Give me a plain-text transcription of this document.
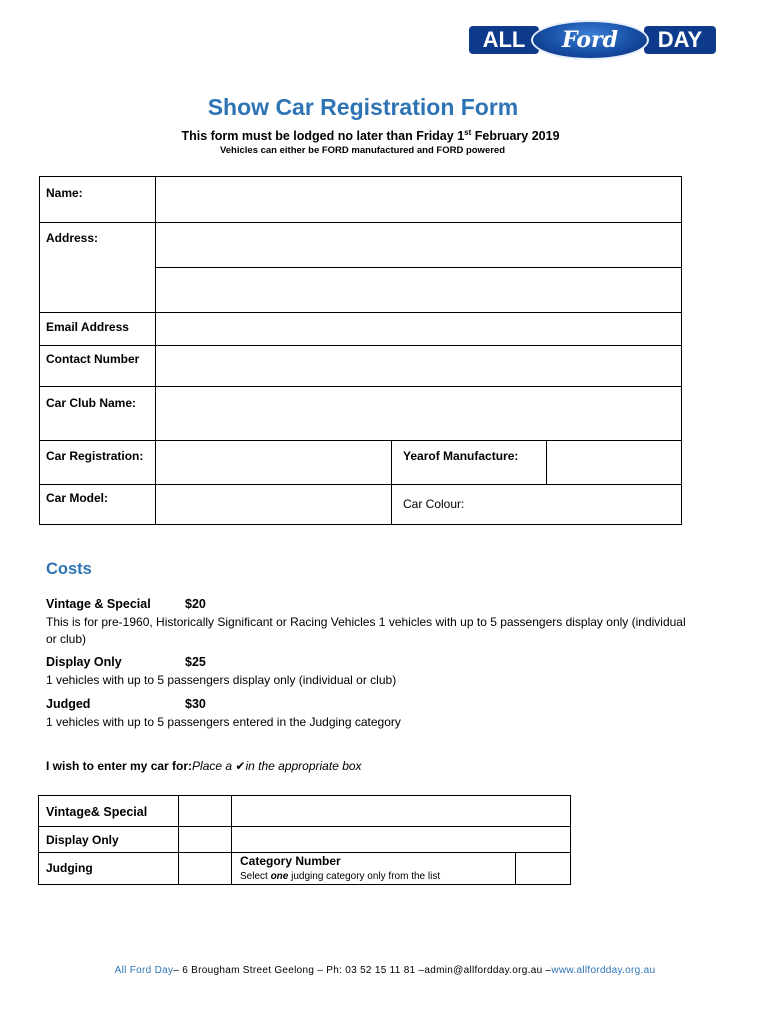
ALL	DAY
Ford
Show Car Registration Form
This form must be lodged no later than Friday 1st February 2019
Vehicles can either be FORD manufactured and FORD powered
Name:
Address:
Email Address
Contact Number
Car Club Name:
Car Registration:	Yearof Manufacture:
Car Model:	Car Colour:
Costs
Vintage & Special	$20
This is for pre-1960, Historically Significant or Racing Vehicles 1 vehicles with up to 5 passengers display only (individual or club)
Display Only	$25
1 vehicles with up to 5 passengers display only (individual or club)
Judged	$30
1 vehicles with up to 5 passengers entered in the Judging category
I wish to enter my car for:Place a ✔in the appropriate box
Vintage& Special
Display Only
Judging	Category Number
Select one judging category only from the list
All Ford Day– 6 Brougham Street Geelong – Ph: 03 52 15 11 81 –admin@allfordday.org.au –www.allfordday.org.au
